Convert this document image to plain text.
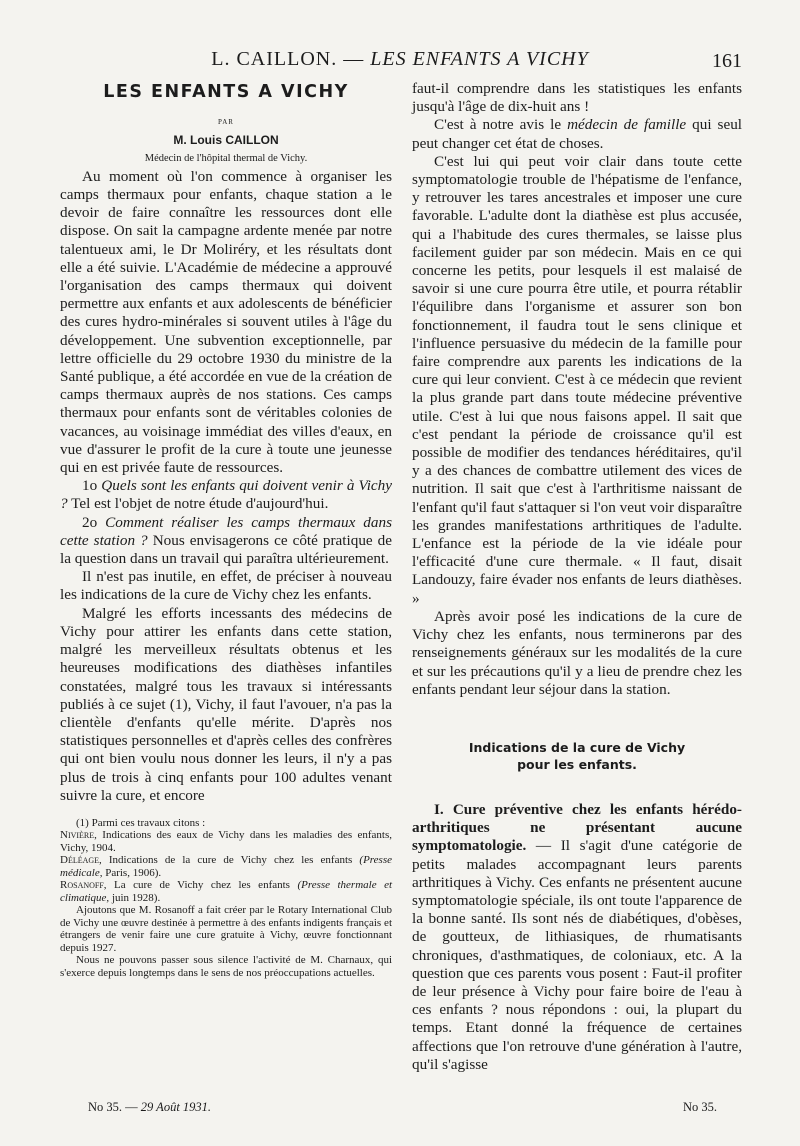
L. CAILLON. — LES ENFANTS A VICHY	161
LES ENFANTS A VICHY

PAR

M. Louis CAILLON

Médecin de l'hôpital thermal de Vichy.

Au moment où l'on commence à organiser les camps thermaux pour enfants, chaque station a le devoir de faire connaître les ressources dont elle dispose. On sait la campagne ardente menée par notre talentueux ami, le Dr Moliréry, et les résultats dont elle a été suivie. L'Académie de médecine a approuvé l'organisation des camps thermaux qui doivent permettre aux enfants et aux adolescents de bénéficier des cures hydro-minérales si souvent utiles à l'âge du développement. Une subvention exceptionnelle, par lettre officielle du 29 octobre 1930 du ministre de la Santé publique, a été accordée en vue de la création de camps thermaux auprès de nos stations. Ces camps thermaux pour enfants sont de véritables colonies de vacances, au voisinage immédiat des villes d'eaux, en vue d'assurer le profit de la cure à toute une jeunesse qui en est privée faute de ressources.

1o Quels sont les enfants qui doivent venir à Vichy ? Tel est l'objet de notre étude d'aujourd'hui.

2o Comment réaliser les camps thermaux dans cette station ? Nous envisagerons ce côté pratique de la question dans un travail qui paraîtra ultérieurement.

Il n'est pas inutile, en effet, de préciser à nouveau les indications de la cure de Vichy chez les enfants.

Malgré les efforts incessants des médecins de Vichy pour attirer les enfants dans cette station, malgré les merveilleux résultats obtenus et les heureuses modifications des diathèses infantiles constatées, malgré tous les travaux si intéressants publiés à ce sujet (1), Vichy, il faut l'avouer, n'a pas la clientèle d'enfants qu'elle mérite. D'après nos statistiques personnelles et d'après celles des confrères qui ont bien voulu nous donner les leurs, il n'y a pas plus de trois à cinq enfants pour 100 adultes venant suivre la cure, et encore

(1) Parmi ces travaux citons :

Nivière, Indications des eaux de Vichy dans les maladies des enfants, Vichy, 1904.

Déléage, Indications de la cure de Vichy chez les enfants (Presse médicale, Paris, 1906).

Rosanoff, La cure de Vichy chez les enfants (Presse thermale et climatique, juin 1928).

Ajoutons que M. Rosanoff a fait créer par le Rotary International Club de Vichy une œuvre destinée à permettre à des enfants indigents français et étrangers de venir faire une cure gratuite à Vichy, œuvre fonctionnant depuis 1927.

Nous ne pouvons passer sous silence l'activité de M. Charnaux, qui s'exerce depuis longtemps dans le sens de nos préoccupations actuelles.

No 35. — 29 Août 1931.	No 35.

faut-il comprendre dans les statistiques les enfants jusqu'à l'âge de dix-huit ans !

C'est à notre avis le médecin de famille qui seul peut changer cet état de choses.

C'est lui qui peut voir clair dans toute cette symptomatologie trouble de l'hépatisme de l'enfance, y retrouver les tares ancestrales et imposer une cure favorable. L'adulte dont la diathèse est plus accusée, qui a l'habitude des cures thermales, se laisse plus facilement guider par son médecin. Mais en ce qui concerne les petits, pour lesquels il est malaisé de savoir si une cure pourra être utile, et pourra rétablir l'équilibre dans l'organisme et assurer son bon fonctionnement, il faudra tout le sens clinique et l'influence persuasive du médecin de la famille pour faire comprendre aux parents les indications de la cure qui leur convient. C'est à ce médecin que revient la plus grande part dans toute médecine préventive utile. C'est à lui que nous faisons appel. Il sait que c'est pendant la période de croissance qu'il est possible de modifier des tendances héréditaires, qu'il y a des chances de combattre utilement des vices de nutrition. Il sait que c'est à l'arthritisme naissant de l'enfant qu'il faut s'attaquer si l'on veut voir disparaître les grandes manifestations arthritiques de l'adulte. L'enfance est la période de la vie idéale pour l'efficacité d'une cure thermale. « Il faut, disait Landouzy, faire évader nos enfants de leurs diathèses. »

Après avoir posé les indications de la cure de Vichy chez les enfants, nous terminerons par des renseignements généraux sur les modalités de la cure et sur les précautions qu'il y a lieu de prendre chez les enfants pendant leur séjour dans la station.

Indications de la cure de Vichy
pour les enfants.

I. Cure préventive chez les enfants hérédo-arthritiques ne présentant aucune symptomatologie. — Il s'agit d'une catégorie de petits malades accompagnant leurs parents arthritiques à Vichy. Ces enfants ne présentent aucune symptomatologie spéciale, ils ont toute l'apparence de la bonne santé. Ils sont nés de diabétiques, d'obèses, de goutteux, de lithiasiques, de rhumatisants chroniques, d'asthmatiques, de coloniaux, etc. A la question que ces parents vous posent : Faut-il profiter de leur présence à Vichy pour faire boire de l'eau à ces enfants ? nous répondons : oui, la plupart du temps. Etant donné la fréquence de certaines affections que l'on retrouve d'une génération à l'autre, qu'il s'agisse
